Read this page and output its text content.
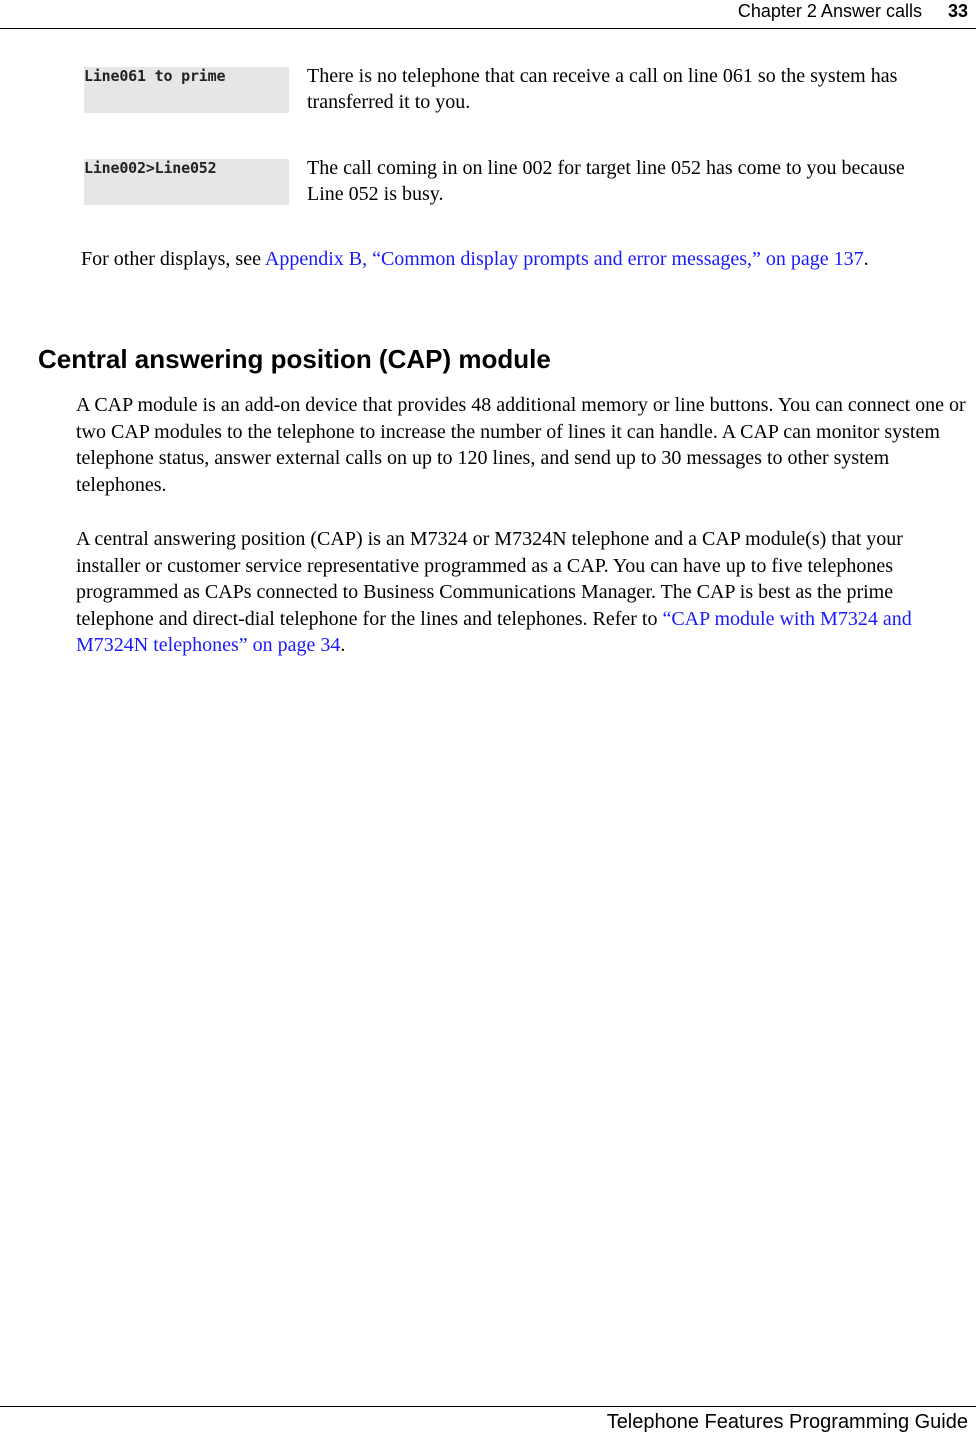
Chapter 2 Answer calls 33
Line061 to prime	There is no telephone that can receive a call on line 061 so the system has transferred it to you.
Line002>Line052	The call coming in on line 002 for target line 052 has come to you because Line 052 is busy.
For other displays, see Appendix B, “Common display prompts and error messages,” on page 137.
Central answering position (CAP) module

A CAP module is an add-on device that provides 48 additional memory or line buttons. You can connect one or two CAP modules to the telephone to increase the number of lines it can handle. A CAP can monitor system telephone status, answer external calls on up to 120 lines, and send up to 30 messages to other system telephones.

A central answering position (CAP) is an M7324 or M7324N telephone and a CAP module(s) that your installer or customer service representative programmed as a CAP. You can have up to five telephones programmed as CAPs connected to Business Communications Manager. The CAP is best as the prime telephone and direct-dial telephone for the lines and telephones. Refer to “CAP module with M7324 and M7324N telephones” on page 34.

Telephone Features Programming Guide
